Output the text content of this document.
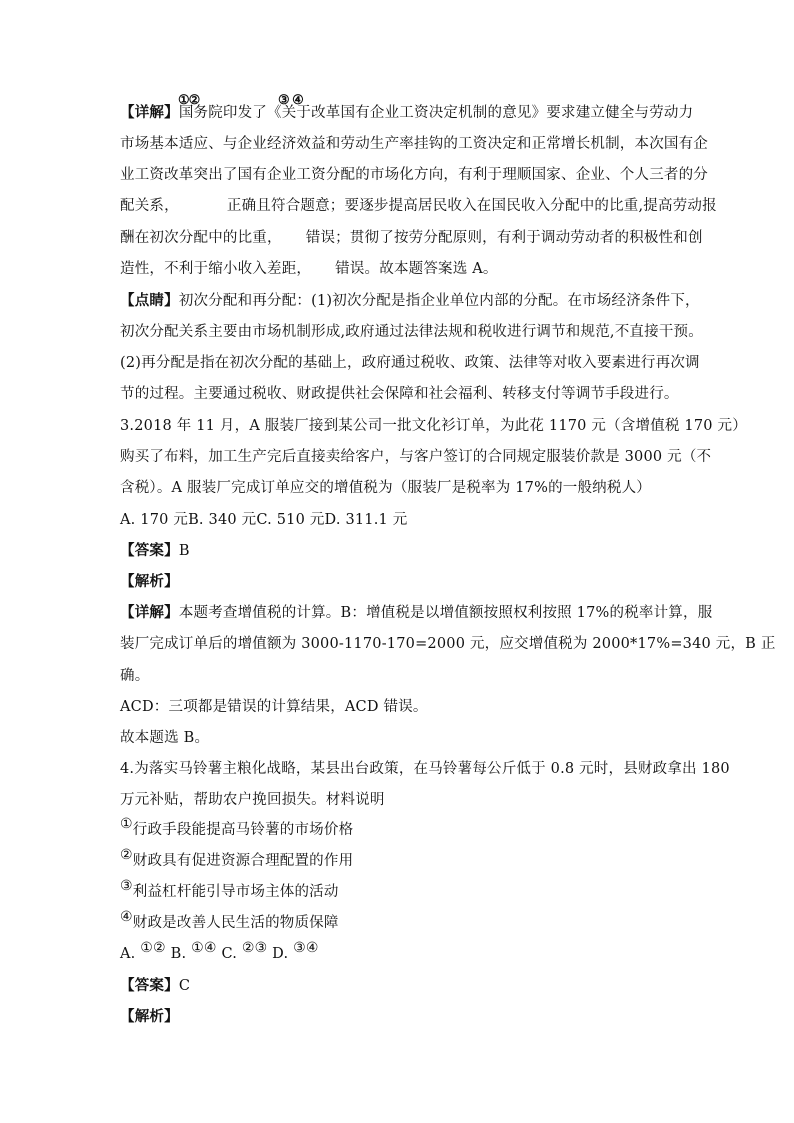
①②	③ ④
【详解】国务院印发了《关于改革国有企业工资决定机制的意见》要求建立健全与劳动力
市场基本适应、与企业经济效益和劳动生产率挂钩的工资决定和正常增长机制，本次国有企
业工资改革突出了国有企业工资分配的市场化方向，有利于理顺国家、企业、个人三者的分
配关系，          正确且符合题意；要逐步提高居民收入在国民收入分配中的比重,提高劳动报
酬在初次分配中的比重，     错误；贯彻了按劳分配原则，有利于调动劳动者的积极性和创
造性，不利于缩小收入差距，     错误。故本题答案选 A。
【点睛】初次分配和再分配：(1)初次分配是指企业单位内部的分配。在市场经济条件下，
初次分配关系主要由市场机制形成,政府通过法律法规和税收进行调节和规范,不直接干预。
(2)再分配是指在初次分配的基础上，政府通过税收、政策、法律等对收入要素进行再次调
节的过程。主要通过税收、财政提供社会保障和社会福利、转移支付等调节手段进行。
3.2018 年 11 月，A 服装厂接到某公司一批文化衫订单，为此花 1170 元（含增值税 170 元）
购买了布料，加工生产完后直接卖给客户，与客户签订的合同规定服装价款是 3000 元（不
含税）。A 服装厂完成订单应交的增值税为（服装厂是税率为 17%的一般纳税人）
A. 170 元B. 340 元C. 510 元D. 311.1 元
【答案】B
【解析】
【详解】本题考查增值税的计算。B：增值税是以增值额按照权利按照 17%的税率计算，服
装厂完成订单后的增值额为 3000-1170-170=2000 元，应交增值税为 2000*17%=340 元，B 正
确。
ACD：三项都是错误的计算结果，ACD 错误。
故本题选 B。
4.为落实马铃薯主粮化战略，某县出台政策，在马铃薯每公斤低于 0.8 元时，县财政拿出 180
万元补贴，帮助农户挽回损失。材料说明
①行政手段能提高马铃薯的市场价格
②财政具有促进资源合理配置的作用
③利益杠杆能引导市场主体的活动
④财政是改善人民生活的物质保障
A. ①② B. ①④ C. ②③ D. ③④
【答案】C
【解析】
